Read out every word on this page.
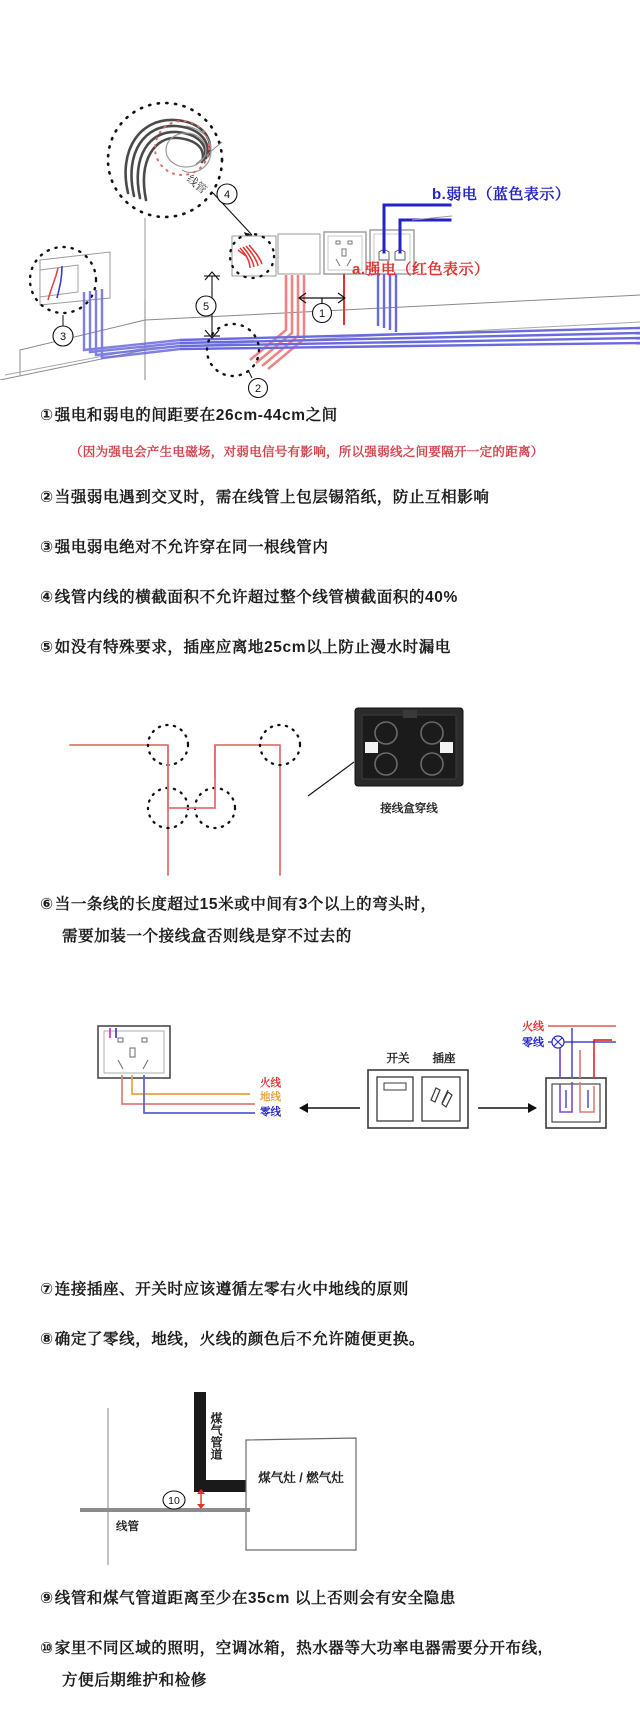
3
线管 4
5
2
1
b.弱电（蓝色表示）
a.强电（红色表示）
①强电和弱电的间距要在26cm-44cm之间
（因为强电会产生电磁场，对弱电信号有影响，所以强弱线之间要隔开一定的距离）
②当强弱电遇到交叉时，需在线管上包层锡箔纸，防止互相影响
③强电弱电绝对不允许穿在同一根线管内
④线管内线的横截面积不允许超过整个线管横截面积的40%
⑤如没有特殊要求，插座应离地25cm以上防止漫水时漏电
接线盒穿线
⑥当一条线的长度超过15米或中间有3个以上的弯头时，
需要加装一个接线盒否则线是穿不过去的
火线
地线
零线
开关 插座
火线
零线
⑦连接插座、开关时应该遵循左零右火中地线的原则
⑧确定了零线，地线，火线的颜色后不允许随便更换。
煤气管道
煤气灶 / 燃气灶
线管
10
⑨线管和煤气管道距离至少在35cm 以上否则会有安全隐患
⑩家里不同区域的照明，空调冰箱，热水器等大功率电器需要分开布线,
方便后期维护和检修
